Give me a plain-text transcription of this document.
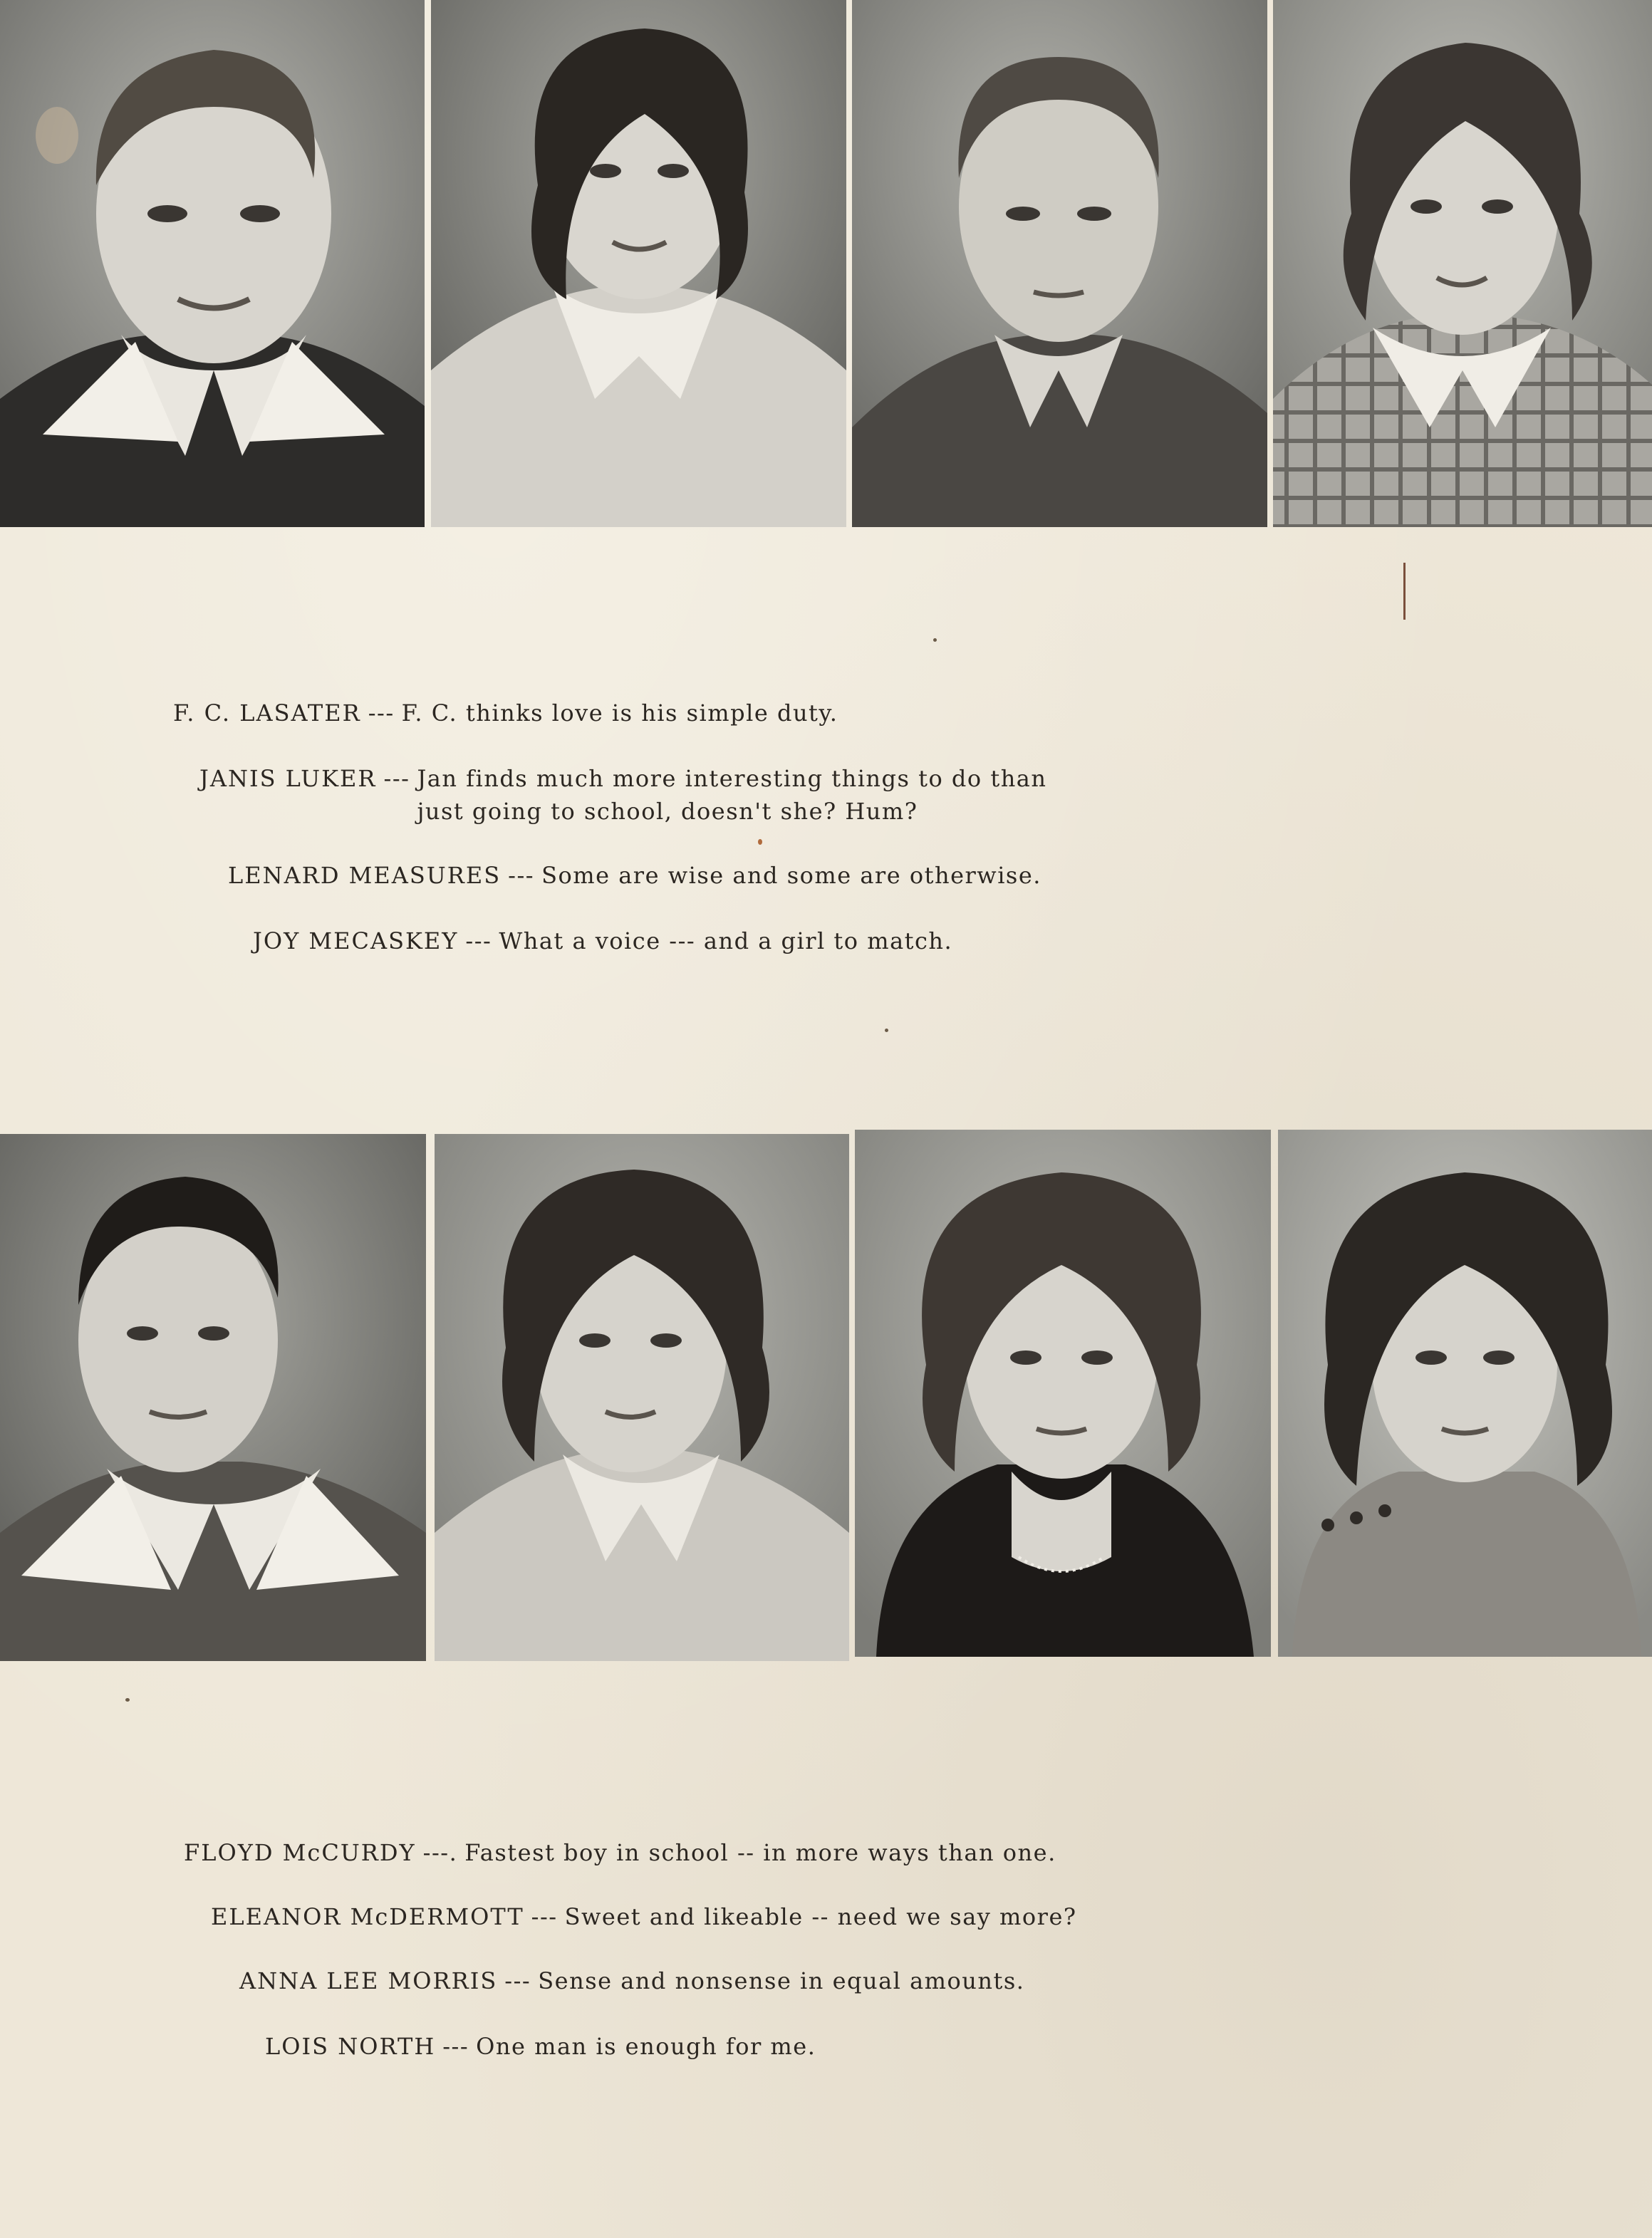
F. C. LASATER --- F. C. thinks love is his simple duty.
JANIS LUKER --- Jan finds much more interesting things to do than
just going to school, doesn't she? Hum?
LENARD MEASURES --- Some are wise and some are otherwise.
JOY MECASKEY --- What a voice --- and a girl to match.
FLOYD McCURDY ---. Fastest boy in school -- in more ways than one.
ELEANOR McDERMOTT --- Sweet and likeable -- need we say more?
ANNA LEE MORRIS --- Sense and nonsense in equal amounts.
LOIS NORTH --- One man is enough for me.
